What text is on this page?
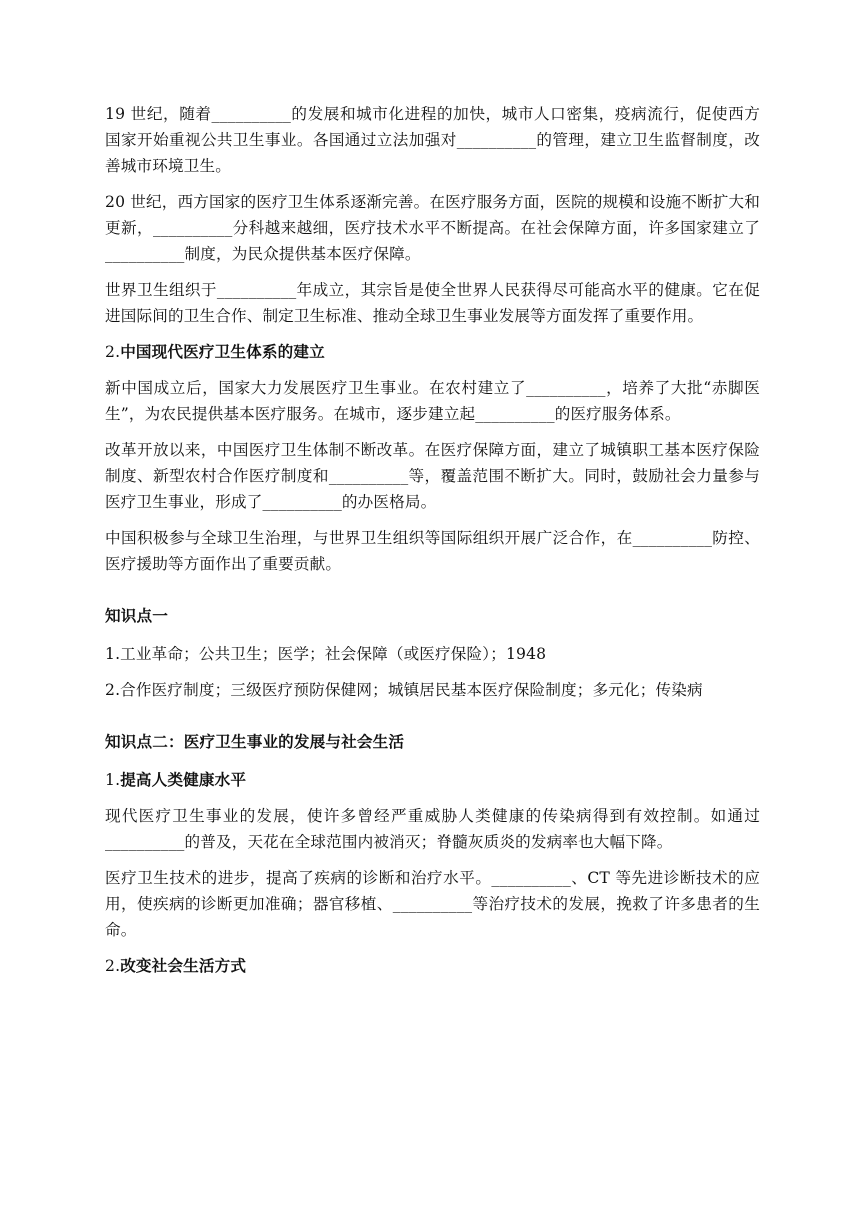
19 世纪，随着__________的发展和城市化进程的加快，城市人口密集，疫病流行，促使西方国家开始重视公共卫生事业。各国通过立法加强对__________的管理，建立卫生监督制度，改善城市环境卫生。

20 世纪，西方国家的医疗卫生体系逐渐完善。在医疗服务方面，医院的规模和设施不断扩大和更新，__________分科越来越细，医疗技术水平不断提高。在社会保障方面，许多国家建立了__________制度，为民众提供基本医疗保障。

世界卫生组织于__________年成立，其宗旨是使全世界人民获得尽可能高水平的健康。它在促进国际间的卫生合作、制定卫生标准、推动全球卫生事业发展等方面发挥了重要作用。

2.中国现代医疗卫生体系的建立

新中国成立后，国家大力发展医疗卫生事业。在农村建立了__________，培养了大批“赤脚医生”，为农民提供基本医疗服务。在城市，逐步建立起__________的医疗服务体系。

改革开放以来，中国医疗卫生体制不断改革。在医疗保障方面，建立了城镇职工基本医疗保险制度、新型农村合作医疗制度和__________等，覆盖范围不断扩大。同时，鼓励社会力量参与医疗卫生事业，形成了__________的办医格局。

中国积极参与全球卫生治理，与世界卫生组织等国际组织开展广泛合作，在__________防控、医疗援助等方面作出了重要贡献。

知识点一

1.工业革命；公共卫生；医学；社会保障（或医疗保险）；1948

2.合作医疗制度；三级医疗预防保健网；城镇居民基本医疗保险制度；多元化；传染病

知识点二：医疗卫生事业的发展与社会生活
1.提高人类健康水平

现代医疗卫生事业的发展，使许多曾经严重威胁人类健康的传染病得到有效控制。如通过__________的普及，天花在全球范围内被消灭；脊髓灰质炎的发病率也大幅下降。

医疗卫生技术的进步，提高了疾病的诊断和治疗水平。__________、CT 等先进诊断技术的应用，使疾病的诊断更加准确；器官移植、__________等治疗技术的发展，挽救了许多患者的生命。

2.改变社会生活方式
